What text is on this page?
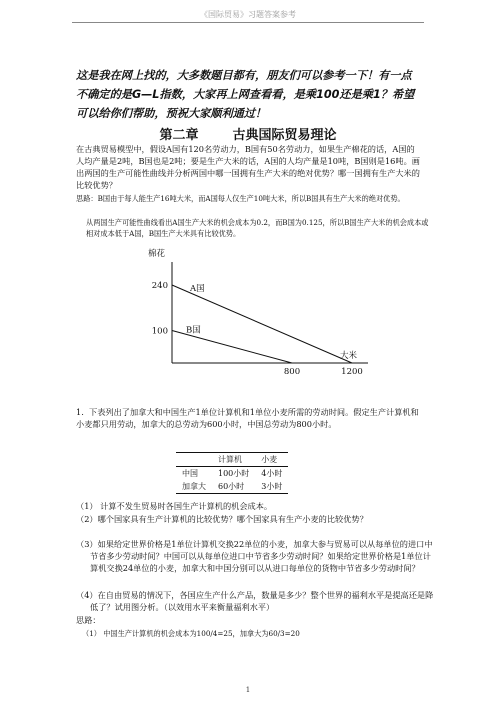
《国际贸易》习题答案参考
这是我在网上找的，大多数题目都有，朋友们可以参考一下！有一点不确定的是G—L指数，大家再上网查看看，是乘100还是乘1？希望可以给你们帮助，预祝大家顺利通过！
第二章	古典国际贸易理论
在古典贸易模型中，假设A国有120名劳动力，B国有50名劳动力，如果生产棉花的话，A国的人均产量是2吨，B国也是2吨；要是生产大米的话，A国的人均产量是10吨，B国则是16吨。画出两国的生产可能性曲线并分析两国中哪一国拥有生产大米的绝对优势？哪一国拥有生产大米的比较优势？
思路：B国由于每人能生产16吨大米，而A国每人仅生产10吨大米，所以B国具有生产大米的绝对优势。
从两国生产可能性曲线看出A国生产大米的机会成本为0.2，而B国为0.125，所以B国生产大米的机会成本或相对成本低于A国，B国生产大米具有比较优势。
棉花
大米
240
100
800	1200
A国
B国
1. 下表列出了加拿大和中国生产1单位计算机和1单位小麦所需的劳动时间。假定生产计算机和小麦都只用劳动，加拿大的总劳动为600小时，中国总劳动为800小时。
	计算机	小麦
中国	100小时	4小时
加拿大	60小时	3小时
（1） 计算不发生贸易时各国生产计算机的机会成本。
（2）哪个国家具有生产计算机的比较优势？哪个国家具有生产小麦的比较优势？
（3）如果给定世界价格是1单位计算机交换22单位的小麦，加拿大参与贸易可以从每单位的进口中节省多少劳动时间？中国可以从每单位进口中节省多少劳动时间？如果给定世界价格是1单位计算机交换24单位的小麦，加拿大和中国分别可以从进口每单位的货物中节省多少劳动时间？
（4）在自由贸易的情况下，各国应生产什么产品，数量是多少？整个世界的福利水平是提高还是降低了？试用图分析。（以效用水平来衡量福利水平）
思路：
（1） 中国生产计算机的机会成本为100/4=25，加拿大为60/3=20
1
